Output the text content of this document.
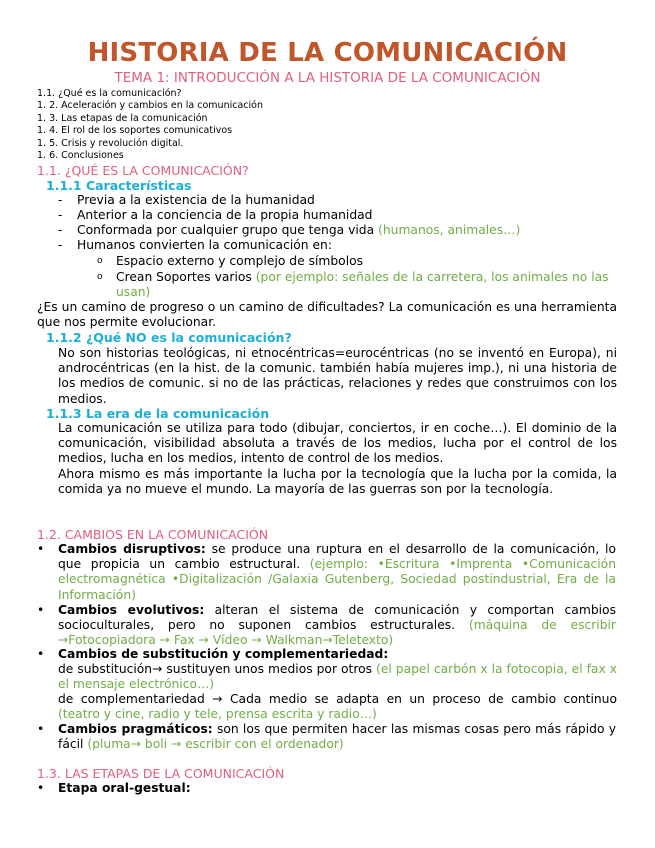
HISTORIA DE LA COMUNICACIÓN
TEMA 1: INTRODUCCIÓN A LA HISTORIA DE LA COMUNICACIÓN
1.1. ¿Qué es la comunicación?
1. 2. Aceleración y cambios en la comunicación
1. 3. Las etapas de la comunicación
1. 4. El rol de los soportes comunicativos
1. 5. Crisis y revolución digital.
1. 6. Conclusiones
1.1. ¿QUÉ ES LA COMUNICACIÓN?
1.1.1 Características
- Previa a la existencia de la humanidad
- Anterior a la conciencia de la propia humanidad
- Conformada por cualquier grupo que tenga vida (humanos, animales…)
- Humanos convierten la comunicación en:
o Espacio externo y complejo de símbolos
o Crean Soportes varios (por ejemplo: señales de la carretera, los animales no las usan)
¿Es un camino de progreso o un camino de dificultades? La comunicación es una herramienta que nos permite evolucionar.
1.1.2 ¿Qué NO es la comunicación?
No son historias teológicas, ni etnocéntricas=eurocéntricas (no se inventó en Europa), ni androcéntricas (en la hist. de la comunic. también había mujeres imp.), ni una historia de los medios de comunic. si no de las prácticas, relaciones y redes que construimos con los medios.
1.1.3 La era de la comunicación
La comunicación se utiliza para todo (dibujar, conciertos, ir en coche…). El dominio de la comunicación, visibilidad absoluta a través de los medios, lucha por el control de los medios, lucha en los medios, intento de control de los medios.
Ahora mismo es más importante la lucha por la tecnología que la lucha por la comida, la comida ya no mueve el mundo. La mayoría de las guerras son por la tecnología.
1.2. CAMBIOS EN LA COMUNICACIÓN
• Cambios disruptivos: se produce una ruptura en el desarrollo de la comunicación, lo que propicia un cambio estructural. (ejemplo: •Escritura •Imprenta •Comunicación electromagnética •Digitalización /Galaxia Gutenberg, Sociedad postindustrial, Era de la Información)
• Cambios evolutivos: alteran el sistema de comunicación y comportan cambios socioculturales, pero no suponen cambios estructurales. (máquina de escribir →Fotocopiadora → Fax → Vídeo → Walkman→Teletexto)
• Cambios de substitución y complementariedad:
de substitución→ sustituyen unos medios por otros (el papel carbón x la fotocopia, el fax x el mensaje electrónico…)
de complementariedad → Cada medio se adapta en un proceso de cambio continuo (teatro y cine, radio y tele, prensa escrita y radio…)
• Cambios pragmáticos: son los que permiten hacer las mismas cosas pero más rápido y fácil (pluma→ boli → escribir con el ordenador)
1.3. LAS ETAPAS DE LA COMUNICACIÓN
• Etapa oral-gestual:
